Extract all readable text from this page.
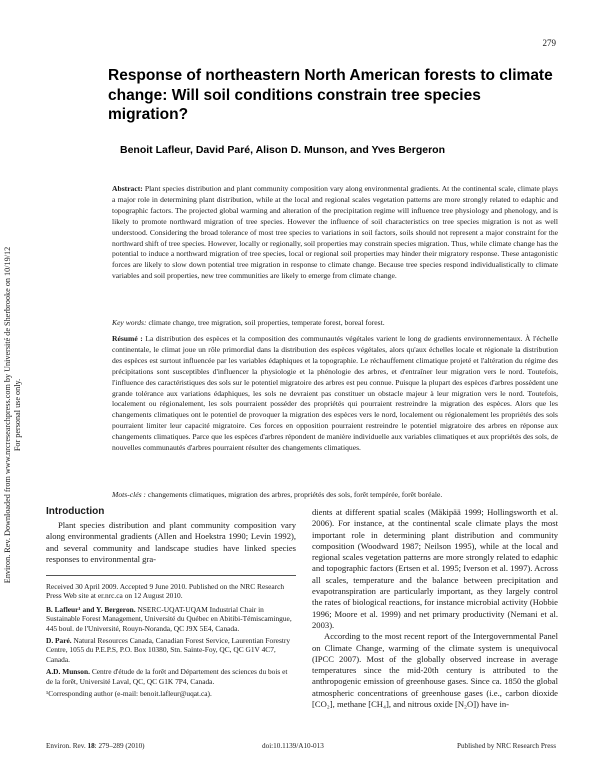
279
Environ. Rev. Downloaded from www.nrcresearchpress.com by Université de Sherbrooke on 10/19/12 For personal use only.
Response of northeastern North American forests to climate change: Will soil conditions constrain tree species migration?
Benoit Lafleur, David Paré, Alison D. Munson, and Yves Bergeron
Abstract: Plant species distribution and plant community composition vary along environmental gradients. At the continental scale, climate plays a major role in determining plant distribution, while at the local and regional scales vegetation patterns are more strongly related to edaphic and topographic factors. The projected global warming and alteration of the precipitation regime will influence tree physiology and phenology, and is likely to promote northward migration of tree species. However the influence of soil characteristics on tree species migration is not as well understood. Considering the broad tolerance of most tree species to variations in soil factors, soils should not represent a major constraint for the northward shift of tree species. However, locally or regionally, soil properties may constrain species migration. Thus, while climate change has the potential to induce a northward migration of tree species, local or regional soil properties may hinder their migratory response. These antagonistic forces are likely to slow down potential tree migration in response to climate change. Because tree species respond individualistically to climate variables and soil properties, new tree communities are likely to emerge from climate change.
Key words: climate change, tree migration, soil properties, temperate forest, boreal forest.
Résumé : La distribution des espèces et la composition des communautés végétales varient le long de gradients environnementaux. À l'échelle continentale, le climat joue un rôle primordial dans la distribution des espèces végétales, alors qu'aux échelles locale et régionale la distribution des espèces est surtout influencée par les variables édaphiques et la topographie. Le réchauffement climatique projeté et l'altération du régime des précipitations sont susceptibles d'influencer la physiologie et la phénologie des arbres, et d'entraîner leur migration vers le nord. Toutefois, l'influence des caractéristiques des sols sur le potentiel migratoire des arbres est peu connue. Puisque la plupart des espèces d'arbres possèdent une grande tolérance aux variations édaphiques, les sols ne devraient pas constituer un obstacle majeur à leur migration vers le nord. Toutefois, localement ou régionalement, les sols pourraient posséder des propriétés qui pourraient restreindre la migration des espèces. Alors que les changements climatiques ont le potentiel de provoquer la migration des espèces vers le nord, localement ou régionalement les propriétés des sols pourraient limiter leur capacité migratoire. Ces forces en opposition pourraient restreindre le potentiel migratoire des arbres en réponse aux changements climatiques. Parce que les espèces d'arbres répondent de manière individuelle aux variables climatiques et aux propriétés des sols, de nouvelles communautés d'arbres pourraient résulter des changements climatiques.
Mots-clés : changements climatiques, migration des arbres, propriétés des sols, forêt tempérée, forêt boréale.
Introduction
Plant species distribution and plant community composition vary along environmental gradients (Allen and Hoekstra 1990; Levin 1992), and several community and landscape studies have linked species responses to environmental gra-

dients at different spatial scales (Mäkipää 1999; Hollingsworth et al. 2006). For instance, at the continental scale climate plays the most important role in determining plant distribution and community composition (Woodward 1987; Neilson 1995), while at the local and regional scales vegetation patterns are more strongly related to edaphic and topographic factors (Ertsen et al. 1995; Iverson et al. 1997). Across all scales, temperature and the balance between precipitation and evapotranspiration are particularly important, as they largely control the rates of biological reactions, for instance microbial activity (Hobbie 1996; Moore et al. 1999) and net primary productivity (Nemani et al. 2003).

According to the most recent report of the Intergovernmental Panel on Climate Change, warming of the climate system is unequivocal (IPCC 2007). Most of the globally observed increase in average temperatures since the mid-20th century is attributed to the anthropogenic emission of greenhouse gases. Since ca. 1850 the global atmospheric concentrations of greenhouse gases (i.e., carbon dioxide [CO₂], methane [CH₄], and nitrous oxide [N₂O]) have in-

Received 30 April 2009. Accepted 9 June 2010. Published on the NRC Research Press Web site at er.nrc.ca on 12 August 2010.

B. Lafleur¹ and Y. Bergeron. NSERC-UQAT-UQAM Industrial Chair in Sustainable Forest Management, Université du Québec en Abitibi-Témiscamingue, 445 boul. de l'Université, Rouyn-Noranda, QC J9X 5E4, Canada.

D. Paré. Natural Resources Canada, Canadian Forest Service, Laurentian Forestry Centre, 1055 du P.E.P.S, P.O. Box 10380, Stn. Sainte-Foy, QC, QC G1V 4C7, Canada.

A.D. Munson. Centre d'étude de la forêt and Département des sciences du bois et de la forêt, Université Laval, QC, QC G1K 7P4, Canada.

¹Corresponding author (e-mail: benoit.lafleur@uqat.ca).

Environ. Rev. 18: 279–289 (2010)	doi:10.1139/A10-013	Published by NRC Research Press
